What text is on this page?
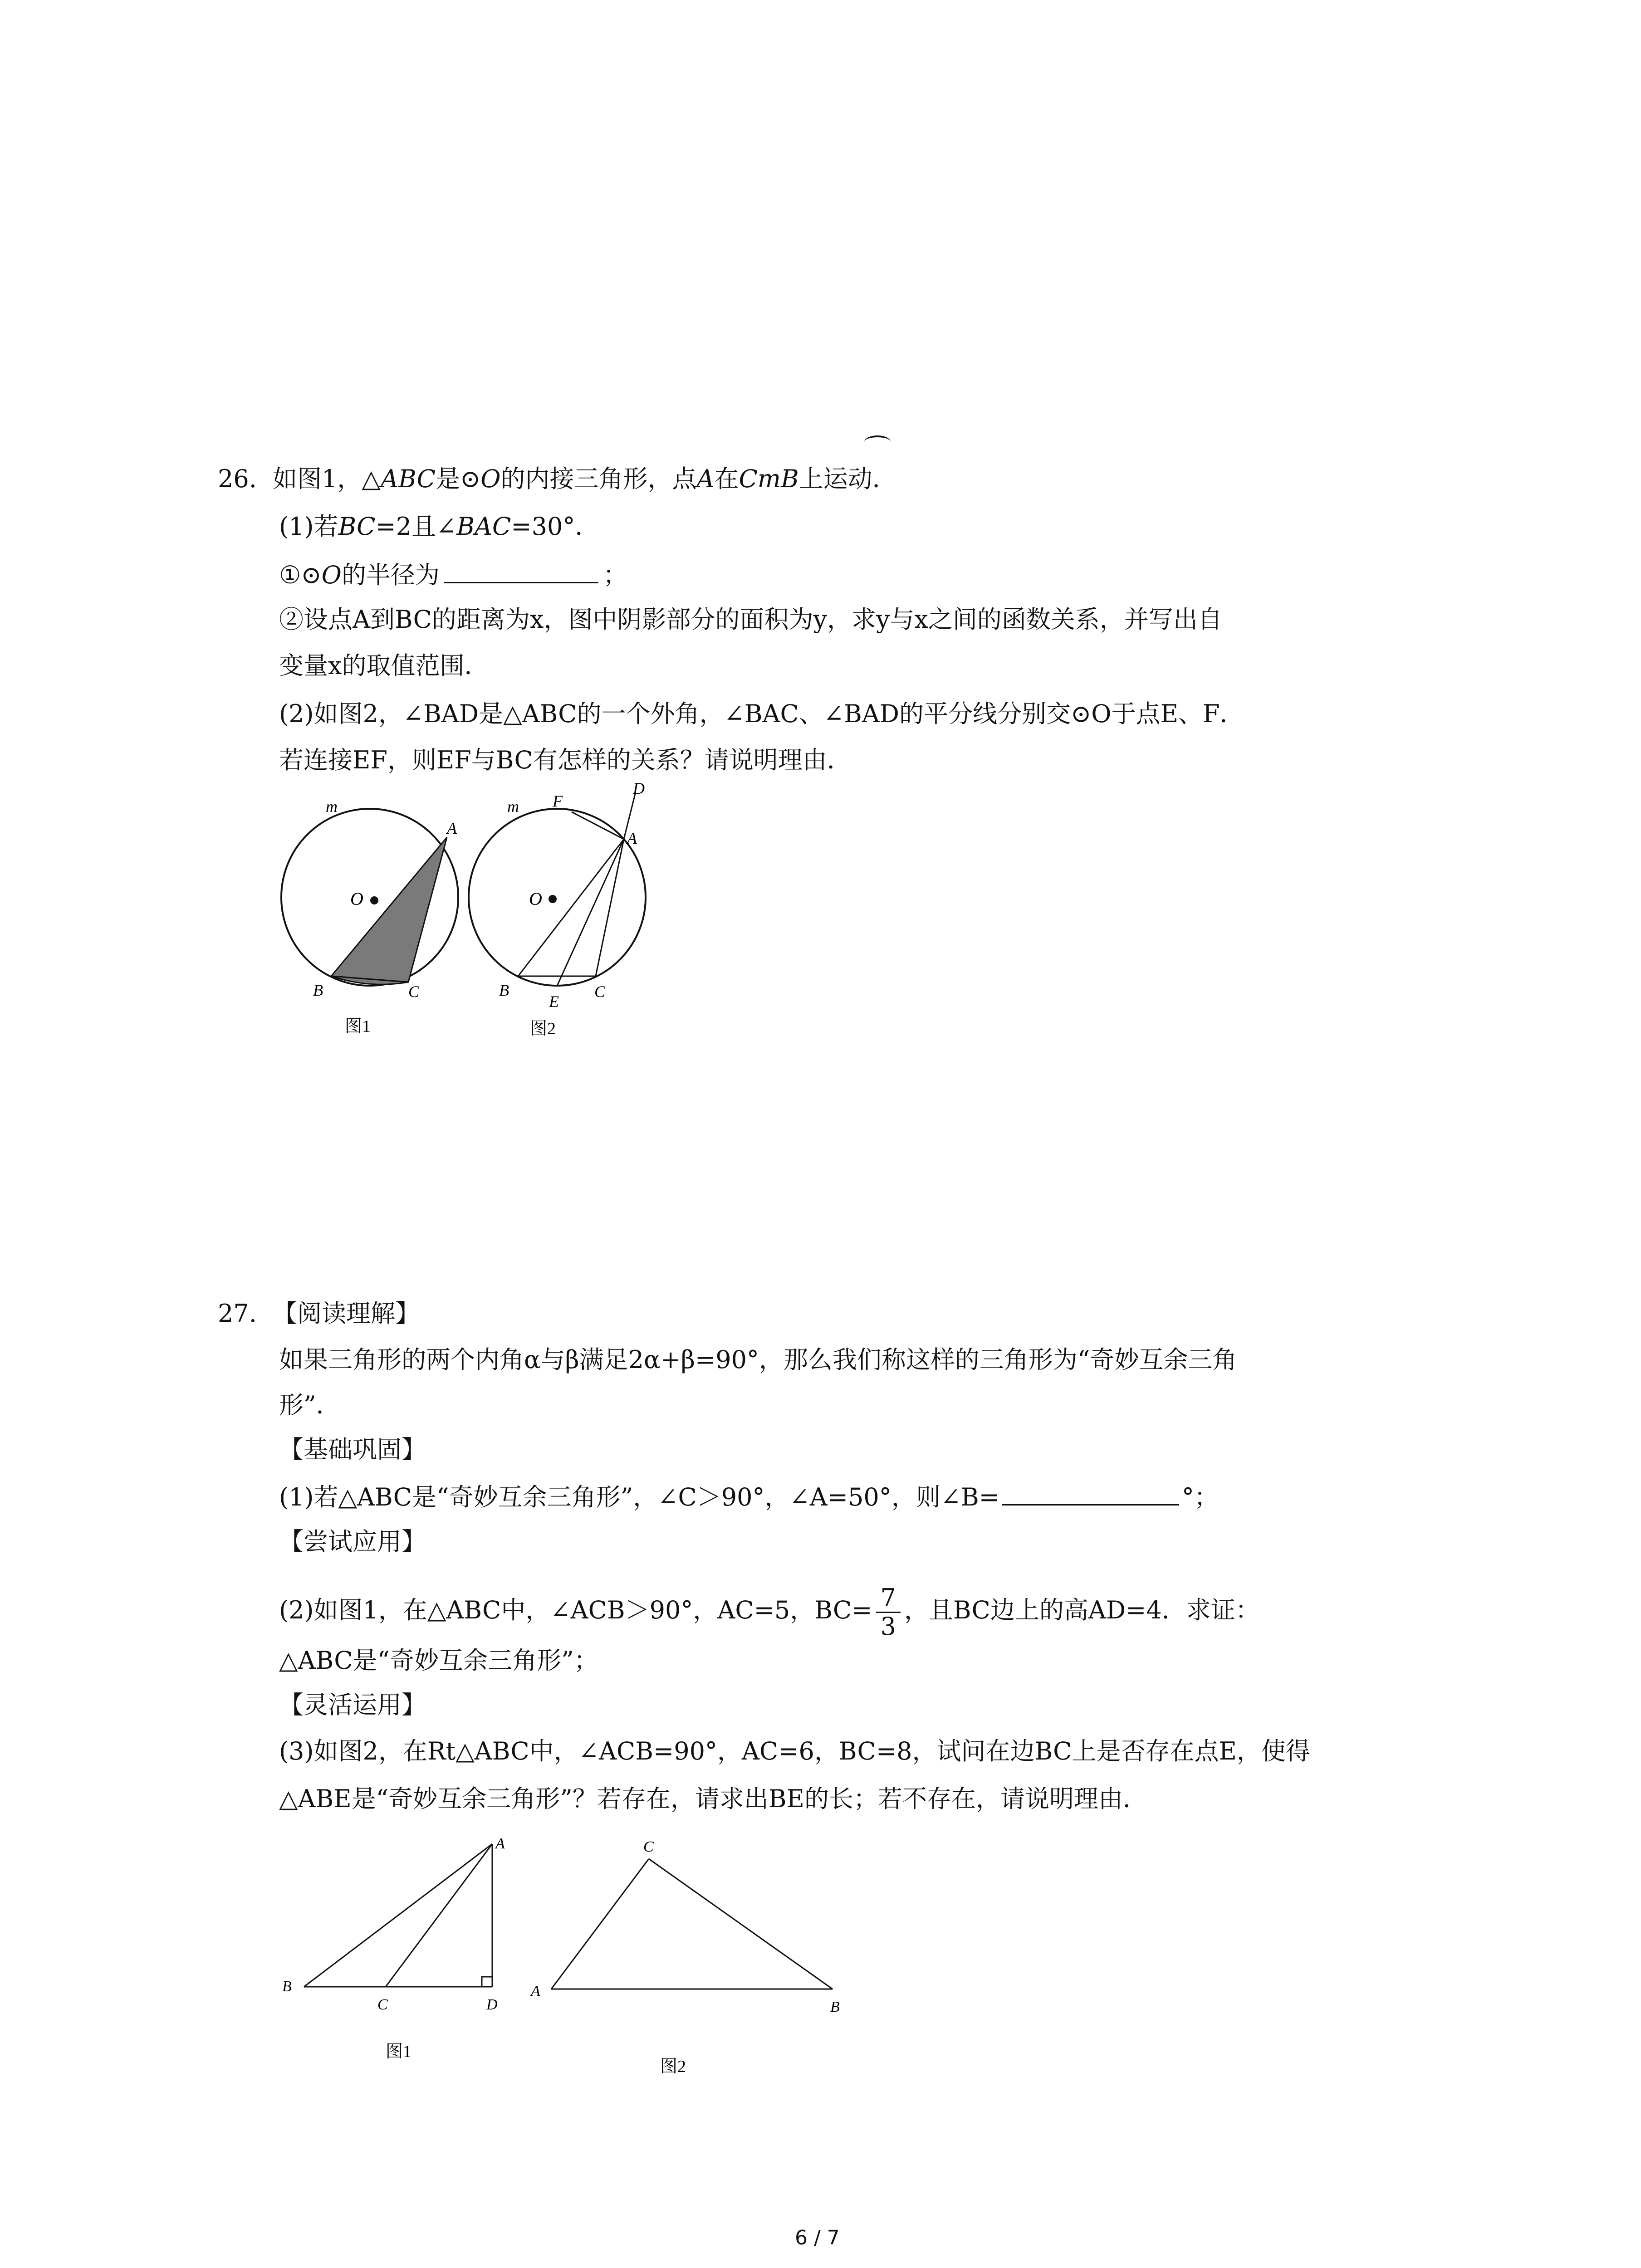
26. 如图1，△ABC是⊙O的内接三角形，点A在CmB上运动．
(1)若BC=2且∠BAC=30°．
①⊙O的半径为	；
②设点A到BC的距离为x，图中阴影部分的面积为y，求y与x之间的函数关系，并写出自
变量x的取值范围．
(2)如图2，∠BAD是△ABC的一个外角，∠BAC、∠BAD的平分线分别交⊙O于点E、F．
若连接EF，则EF与BC有怎样的关系？请说明理由．
m
A
O
B	C
图1
m F
D
A
O
B
E
C
图2
27. 【阅读理解】
如果三角形的两个内角α与β满足2α+β=90°，那么我们称这样的三角形为“奇妙互余三角
形”．
【基础巩固】
(1)若△ABC是“奇妙互余三角形”，∠C＞90°，∠A=50°，则∠B=	°；
【尝试应用】
(2)如图1，在△ABC中，∠ACB＞90°，AC=5，$BC= \frac{7}{3}$ ，且BC边上的高AD=4．求证：
△ABC是“奇妙互余三角形”；
【灵活运用】
(3)如图2，在Rt△ABC中，∠ACB=90°，AC=6，BC=8，试问在边BC上是否存在点E，使得
△ABE是“奇妙互余三角形”？若存在，请求出BE的长；若不存在，请说明理由．
A
B
C	D
图1
C
A
B
图2
6 / 7
